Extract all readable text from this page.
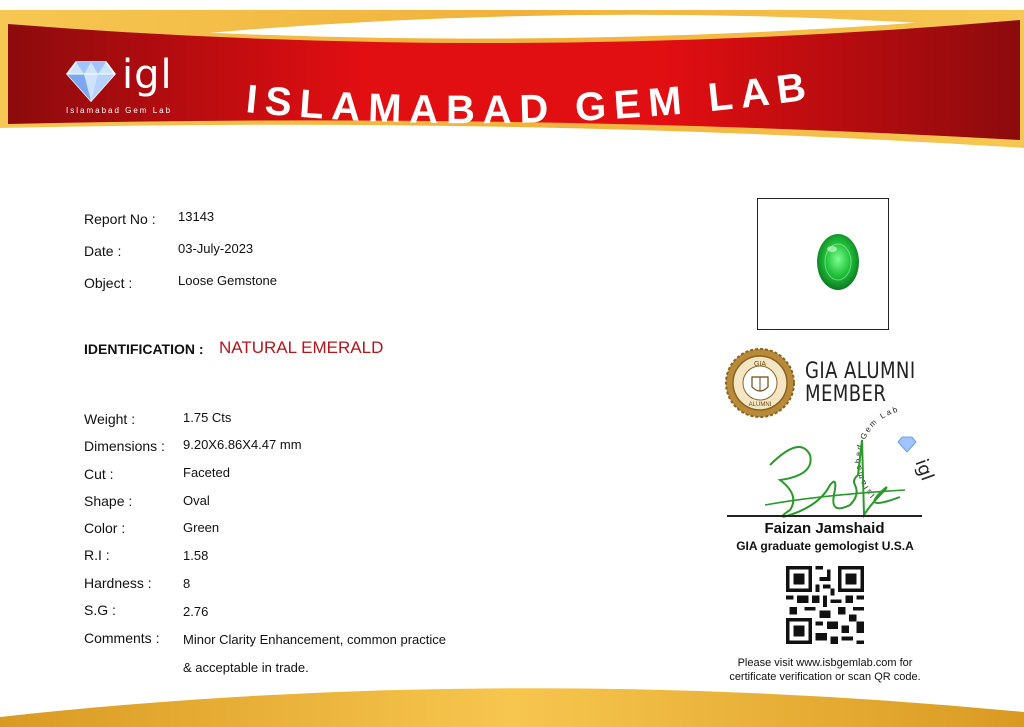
ISLAMABAD GEM LAB
igl
Islamabad Gem Lab
Report No : 13143
Date :	03-July-2023
Object :	Loose Gemstone
IDENTIFICATION : NATURAL EMERALD
Weight :	1.75 Cts
Dimensions : 9.20X6.86X4.47 mm
Cut :	Faceted
Shape :	Oval
Color :	Green
R.I :	1.58
Hardness : 8
S.G :	2.76
Comments : Minor Clarity Enhancement, common practice
& acceptable in trade.
GIA
ALUMNI
GIA ALUMNI
MEMBER
Islamabad Gem Lab
igl
Faizan Jamshaid
GIA graduate gemologist U.S.A
Please visit www.isbgemlab.com for
certificate verification or scan QR code.
